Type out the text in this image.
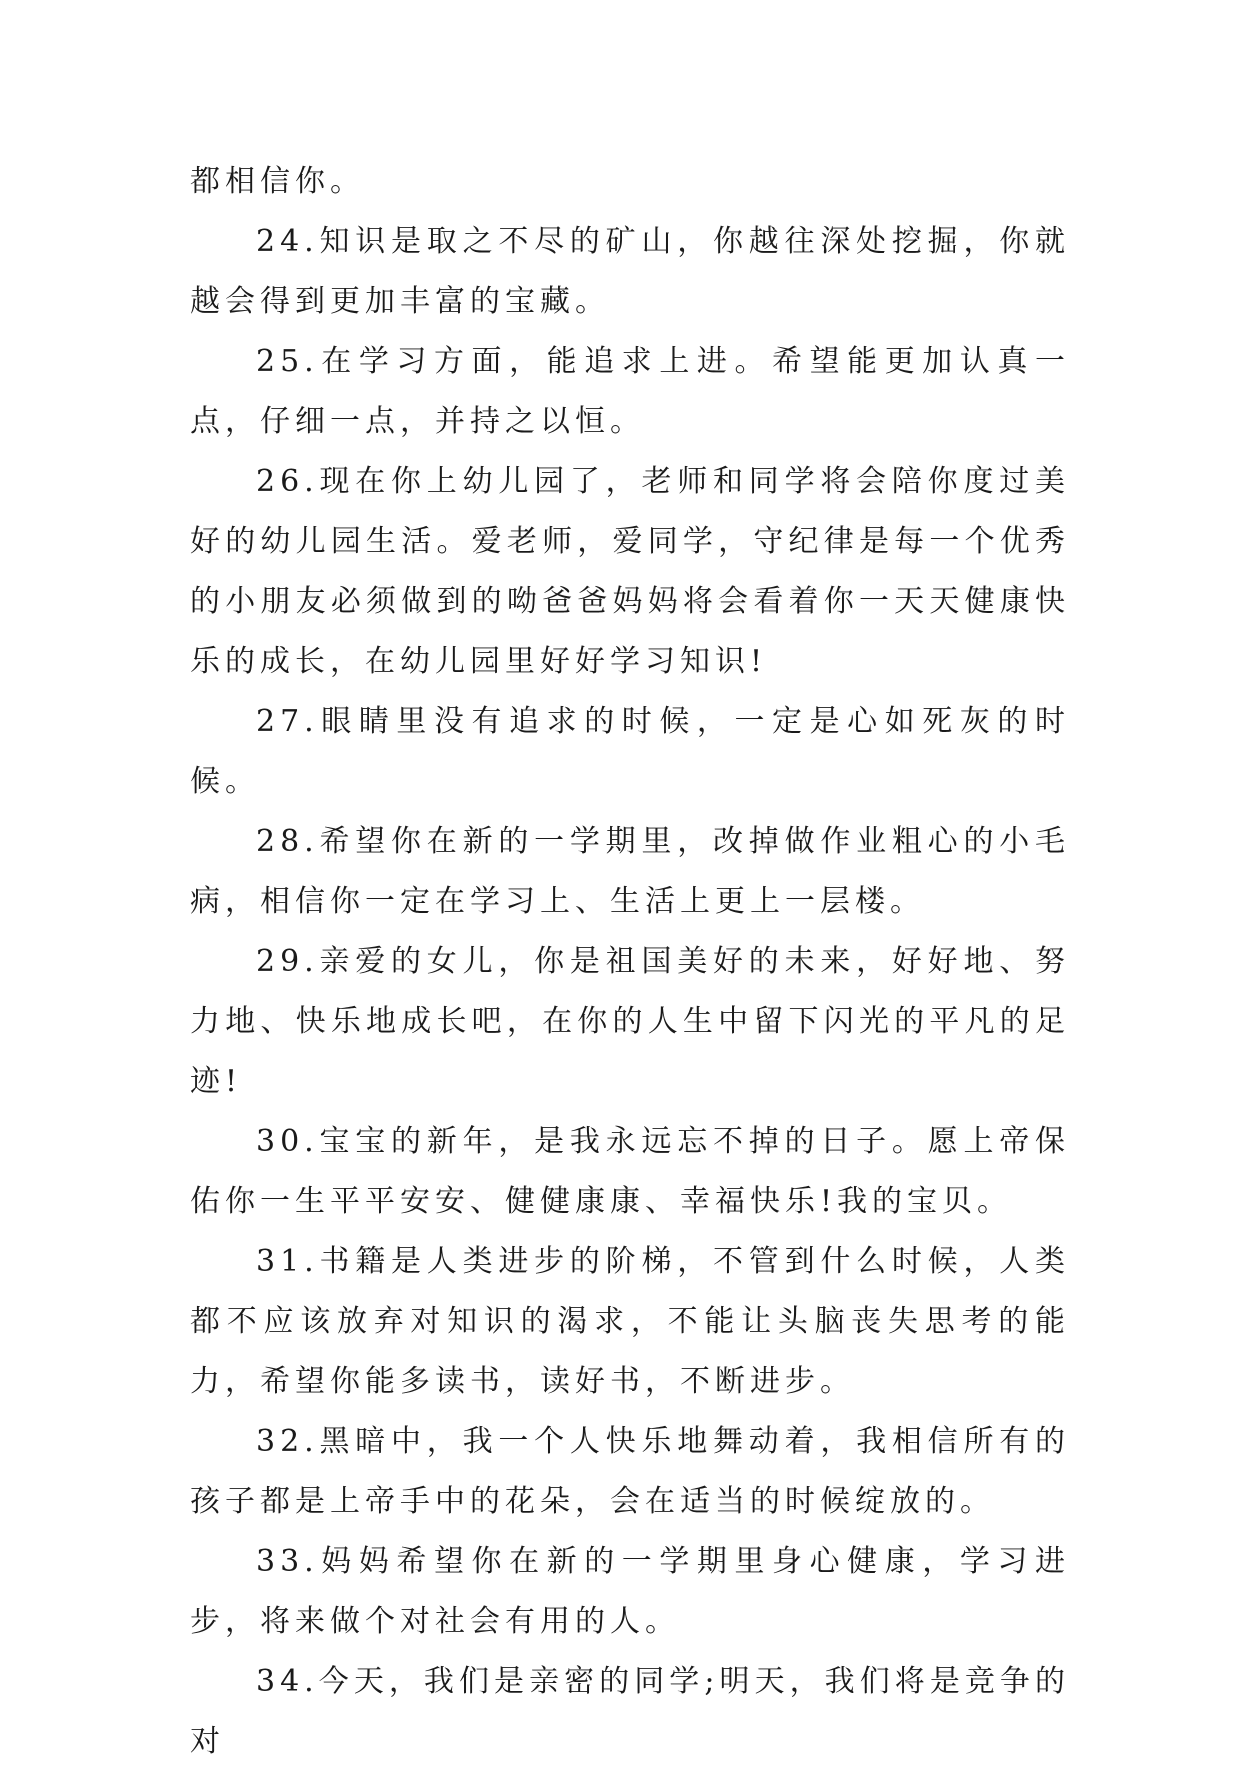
都相信你。

24.知识是取之不尽的矿山，你越往深处挖掘，你就越会得到更加丰富的宝藏。

25.在学习方面，能追求上进。希望能更加认真一点，仔细一点，并持之以恒。

26.现在你上幼儿园了，老师和同学将会陪你度过美好的幼儿园生活。爱老师，爱同学，守纪律是每一个优秀的小朋友必须做到的呦爸爸妈妈将会看着你一天天健康快乐的成长，在幼儿园里好好学习知识!

27.眼睛里没有追求的时候，一定是心如死灰的时候。

28.希望你在新的一学期里，改掉做作业粗心的小毛病，相信你一定在学习上、生活上更上一层楼。

29.亲爱的女儿，你是祖国美好的未来，好好地、努力地、快乐地成长吧，在你的人生中留下闪光的平凡的足迹!

30.宝宝的新年，是我永远忘不掉的日子。愿上帝保佑你一生平平安安、健健康康、幸福快乐!我的宝贝。

31.书籍是人类进步的阶梯，不管到什么时候，人类都不应该放弃对知识的渴求，不能让头脑丧失思考的能力，希望你能多读书，读好书，不断进步。

32.黑暗中，我一个人快乐地舞动着，我相信所有的孩子都是上帝手中的花朵，会在适当的时候绽放的。

33.妈妈希望你在新的一学期里身心健康，学习进步，将来做个对社会有用的人。

34.今天，我们是亲密的同学;明天，我们将是竞争的对
